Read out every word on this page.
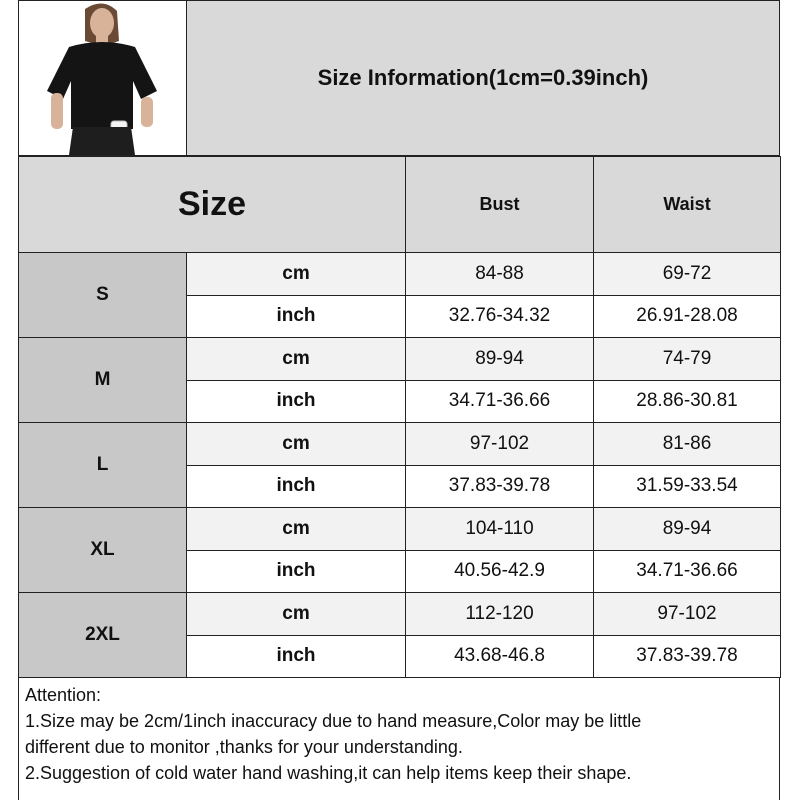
Size Information(1cm=0.39inch)
Size		Bust	Waist
S	cm	84-88	69-72
	inch	32.76-34.32	26.91-28.08
M	cm	89-94	74-79
	inch	34.71-36.66	28.86-30.81
L	cm	97-102	81-86
	inch	37.83-39.78	31.59-33.54
XL	cm	104-110	89-94
	inch	40.56-42.9	34.71-36.66
2XL	cm	112-120	97-102
	inch	43.68-46.8	37.83-39.78

Attention:

1.Size may be 2cm/1inch inaccuracy due to hand measure,Color may be little

different due to monitor ,thanks for your understanding.

2.Suggestion of cold water hand washing,it can help items keep their shape.
